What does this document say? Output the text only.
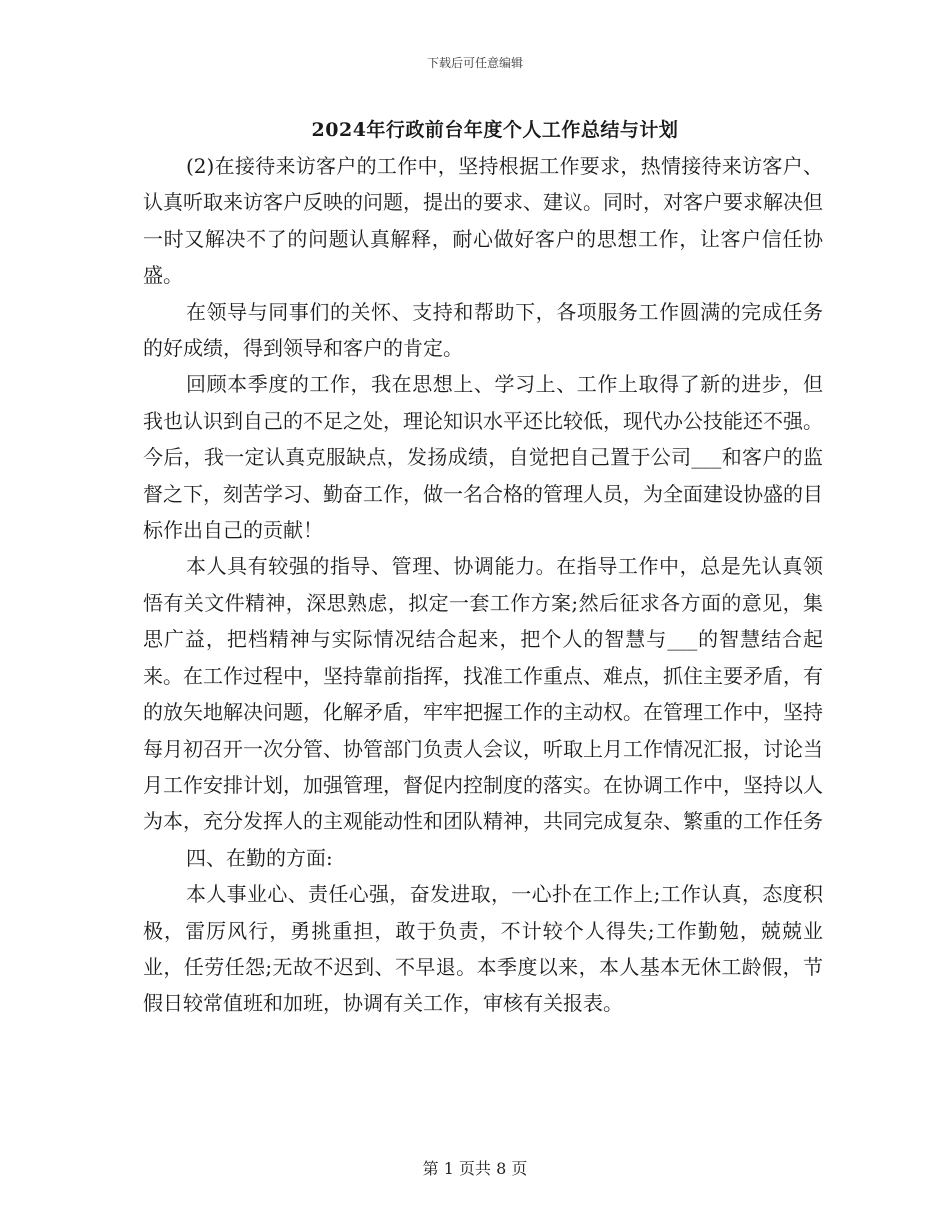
下载后可任意编辑
2024年行政前台年度个人工作总结与计划

(2)在接待来访客户的工作中，坚持根据工作要求，热情接待来访客户、认真听取来访客户反映的问题，提出的要求、建议。同时，对客户要求解决但一时又解决不了的问题认真解释，耐心做好客户的思想工作，让客户信任协盛。

在领导与同事们的关怀、支持和帮助下，各项服务工作圆满的完成任务的好成绩，得到领导和客户的肯定。

回顾本季度的工作，我在思想上、学习上、工作上取得了新的进步，但我也认识到自己的不足之处，理论知识水平还比较低，现代办公技能还不强。今后，我一定认真克服缺点，发扬成绩，自觉把自己置于公司___和客户的监督之下，刻苦学习、勤奋工作，做一名合格的管理人员，为全面建设协盛的目标作出自己的贡献！

本人具有较强的指导、管理、协调能力。在指导工作中，总是先认真领悟有关文件精神，深思熟虑，拟定一套工作方案;然后征求各方面的意见，集思广益，把档精神与实际情况结合起来，把个人的智慧与___的智慧结合起来。在工作过程中，坚持靠前指挥，找准工作重点、难点，抓住主要矛盾，有的放矢地解决问题，化解矛盾，牢牢把握工作的主动权。在管理工作中，坚持每月初召开一次分管、协管部门负责人会议，听取上月工作情况汇报，讨论当月工作安排计划，加强管理，督促内控制度的落实。在协调工作中，坚持以人为本，充分发挥人的主观能动性和团队精神，共同完成复杂、繁重的工作任务

四、在勤的方面:

本人事业心、责任心强，奋发进取，一心扑在工作上;工作认真，态度积极，雷厉风行，勇挑重担，敢于负责，不计较个人得失;工作勤勉，兢兢业业，任劳任怨;无故不迟到、不早退。本季度以来，本人基本无休工龄假，节假日较常值班和加班，协调有关工作，审核有关报表。

第 1 页共 8 页
